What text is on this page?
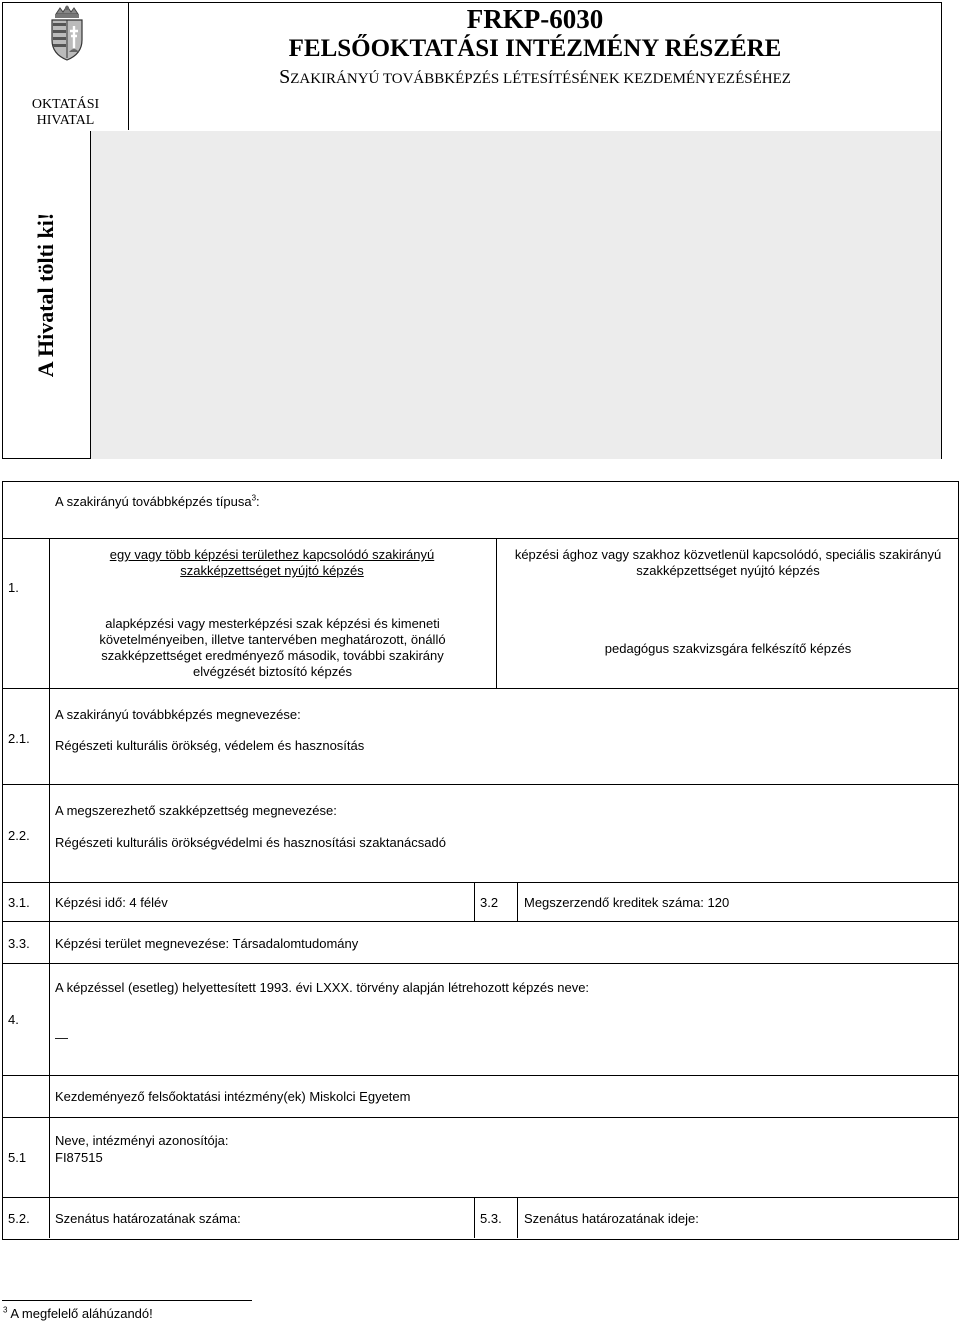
OKTATÁSI HIVATAL
FRKP-6030
FELSŐOKTATÁSI INTÉZMÉNY RÉSZÉRE
SZAKIRÁNYÚ TOVÁBBKÉPZÉS LÉTESÍTÉSÉNEK KEZDEMÉNYEZÉSÉHEZ
A Hivatal tölti ki!
A szakirányú továbbképzés típusa$^3$:
1.
egy vagy több képzési területhez kapcsolódó szakirányú szakképzettséget nyújtó képzés
képzési ághoz vagy szakhoz közvetlenül kapcsolódó, speciális szakirányú szakképzettséget nyújtó képzés
alapképzési vagy mesterképzési szak képzési és kimeneti követelményeiben, illetve tantervében meghatározott, önálló szakképzettséget eredményező második, további szakirány elvégzését biztosító képzés
pedagógus szakvizsgára felkészítő képzés
2.1.
A szakirányú továbbképzés megnevezése:
Régészeti kulturális örökség, védelem és hasznosítás
2.2.
A megszerezhető szakképzettség megnevezése:
Régészeti kulturális örökségvédelmi és hasznosítási szaktanácsadó
3.1. Képzési idő: 4 félév	3.2 Megszerzendő kreditek száma: 120
3.3. Képzési terület megnevezése: Társadalomtudomány
4.
A képzéssel (esetleg) helyettesített 1993. évi LXXX. törvény alapján létrehozott képzés neve:
—
Kezdeményező felsőoktatási intézmény(ek) Miskolci Egyetem
5.1
Neve, intézményi azonosítója:
FI87515
5.2. Szenátus határozatának száma:	5.3. Szenátus határozatának ideje:
$^3$ A megfelelő aláhúzandó!
